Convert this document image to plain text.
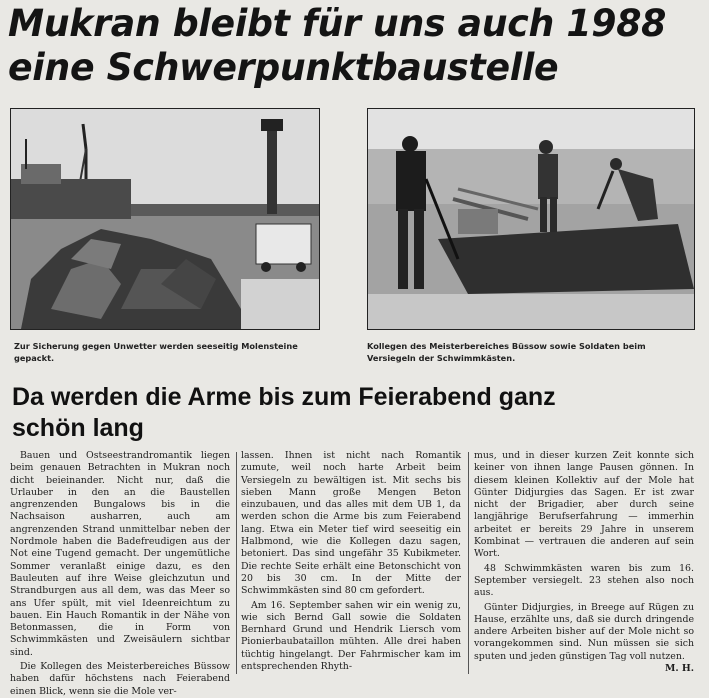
Mukran bleibt für uns auch 1988
eine Schwerpunktbaustelle
Zur Sicherung gegen Unwetter werden seeseitig Molensteine gepackt.
Kollegen des Meisterbereiches Büssow sowie Soldaten beim Versiegeln der Schwimmkästen.
Da werden die Arme bis zum Feierabend ganz
schön lang

Bauen und Ostseestrandromantik liegen beim genauen Betrachten in Mukran noch dicht beieinander. Nicht nur, daß die Urlauber in den an die Baustellen angrenzenden Bungalows bis in die Nachsaison ausharren, auch am angrenzenden Strand unmittelbar neben der Nordmole haben die Badefreudigen aus der Not eine Tugend gemacht. Der ungemütliche Sommer veranlaßt einige dazu, es den Bauleuten auf ihre Weise gleichzutun und Strandburgen aus all dem, was das Meer so ans Ufer spült, mit viel Ideenreichtum zu bauen. Ein Hauch Romantik in der Nähe von Betonmassen, die in Form von Schwimmkästen und Zweisäulern sichtbar sind.

Die Kollegen des Meisterbereiches Büssow haben dafür höchstens nach Feierabend einen Blick, wenn sie die Mole ver-

lassen. Ihnen ist nicht nach Romantik zumute, weil noch harte Arbeit beim Versiegeln zu bewältigen ist. Mit sechs bis sieben Mann große Mengen Beton einzubauen, und das alles mit dem UB 1, da werden schon die Arme bis zum Feierabend lang. Etwa ein Meter tief wird seeseitig ein Halbmond, wie die Kollegen dazu sagen, betoniert. Das sind ungefähr 35 Kubikmeter. Die rechte Seite erhält eine Betonschicht von 20 bis 30 cm. In der Mitte der Schwimmkästen sind 80 cm gefordert.

Am 16. September sahen wir ein wenig zu, wie sich Bernd Gall sowie die Soldaten Bernhard Grund und Hendrik Liersch vom Pionierbaubataillon mühten. Alle drei haben tüchtig hingelangt. Der Fahrmischer kam im entsprechenden Rhyth-

mus, und in dieser kurzen Zeit konnte sich keiner von ihnen lange Pausen gönnen. In diesem kleinen Kollektiv auf der Mole hat Günter Didjurgies das Sagen. Er ist zwar nicht der Brigadier, aber durch seine langjährige Berufserfahrung — immerhin arbeitet er bereits 29 Jahre in unserem Kombinat — vertrauen die anderen auf sein Wort.

48 Schwimmkästen waren bis zum 16. September versiegelt. 23 stehen also noch aus.

Günter Didjurgies, in Breege auf Rügen zu Hause, erzählte uns, daß sie durch dringende andere Arbeiten bisher auf der Mole nicht so vorangekommen sind. Nun müssen sie sich sputen und jeden günstigen Tag voll nutzen.

M. H.
